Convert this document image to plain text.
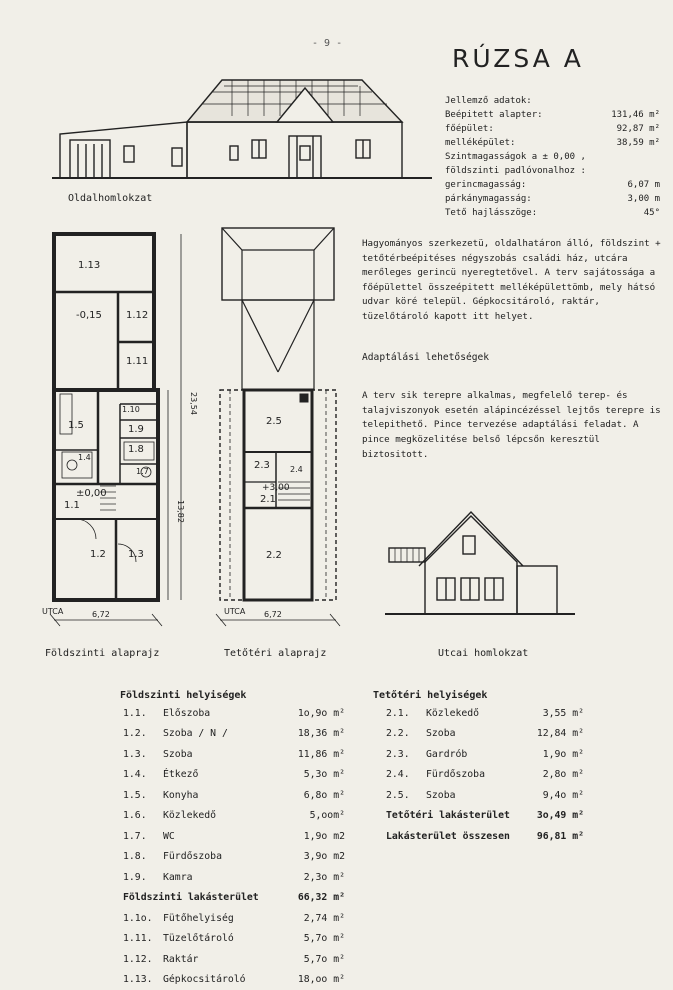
- 9 -
RÚZSA A
Oldalhomlokzat
Jellemző adatok:
Beépitett alapter:	131,46 m²
főépület:	92,87 m²
melléképület:	38,59 m²
Szintmagasságok a ± 0,00 ,
földszinti padlóvonalhoz :
gerincmagasság:	6,07 m
párkánymagasság:	3,00 m
Tető hajlásszöge:	45°
1.13
1.12
1.11
1.10
1.5	1.9
1.8
1.4
1.7
1.1
1.2 1.3
-0,15
±0,00
UTCA	6,72
23,54
13,82
Földszinti alaprajz
2.5
2.3	2.4
2.1
2.2
+3,00
UTCA 6,72
Tetőtéri alaprajz

Hagyományos szerkezetü, oldalhatáron álló, földszint + tetőtérbeépitéses négyszobás családi ház, utcára merőleges gerincü nyeregtetővel. A terv sajátossága a főépülettel összeépitett melléképülettömb, mely hátsó udvar köré települ. Gépkocsitároló, raktár, tüzelőtároló kapott itt helyet.

Adaptálási lehetőségek

A terv sik terepre alkalmas, megfelelő terep- és talajviszonyok esetén alápincézéssel lejtős terepre is telepithető. Pince tervezése adaptálási feladat. A pince megközelitése belső lépcsőn keresztül biztositott.

Utcai homlokzat
Földszinti helyiségek
1.1.	Előszoba	1o,9o m²
1.2.	Szoba / N /	18,36 m²
1.3.	Szoba	11,86 m²
1.4.	Étkező	5,3o m²
1.5.	Konyha	6,8o m²
1.6.	Közlekedő	5,oom²
1.7.	WC	1,9o m2
1.8.	Fürdőszoba	3,9o m2
1.9.	Kamra	2,3o m²
Földszinti lakásterület		66,32 m²
1.1o.	Fütőhelyiség	2,74 m²
1.11.	Tüzelőtároló	5,7o m²
1.12.	Raktár	5,7o m²
1.13.	Gépkocsitároló	18,oo m²
Tetőtéri helyiségek
2.1.	Közlekedő	3,55 m²
2.2.	Szoba	12,84 m²
2.3.	Gardrób	1,9o m²
2.4.	Fürdőszoba	2,8o m²
2.5.	Szoba	9,4o m²
Tetőtéri lakásterület		3o,49 m²
Lakásterület összesen		96,81 m²
